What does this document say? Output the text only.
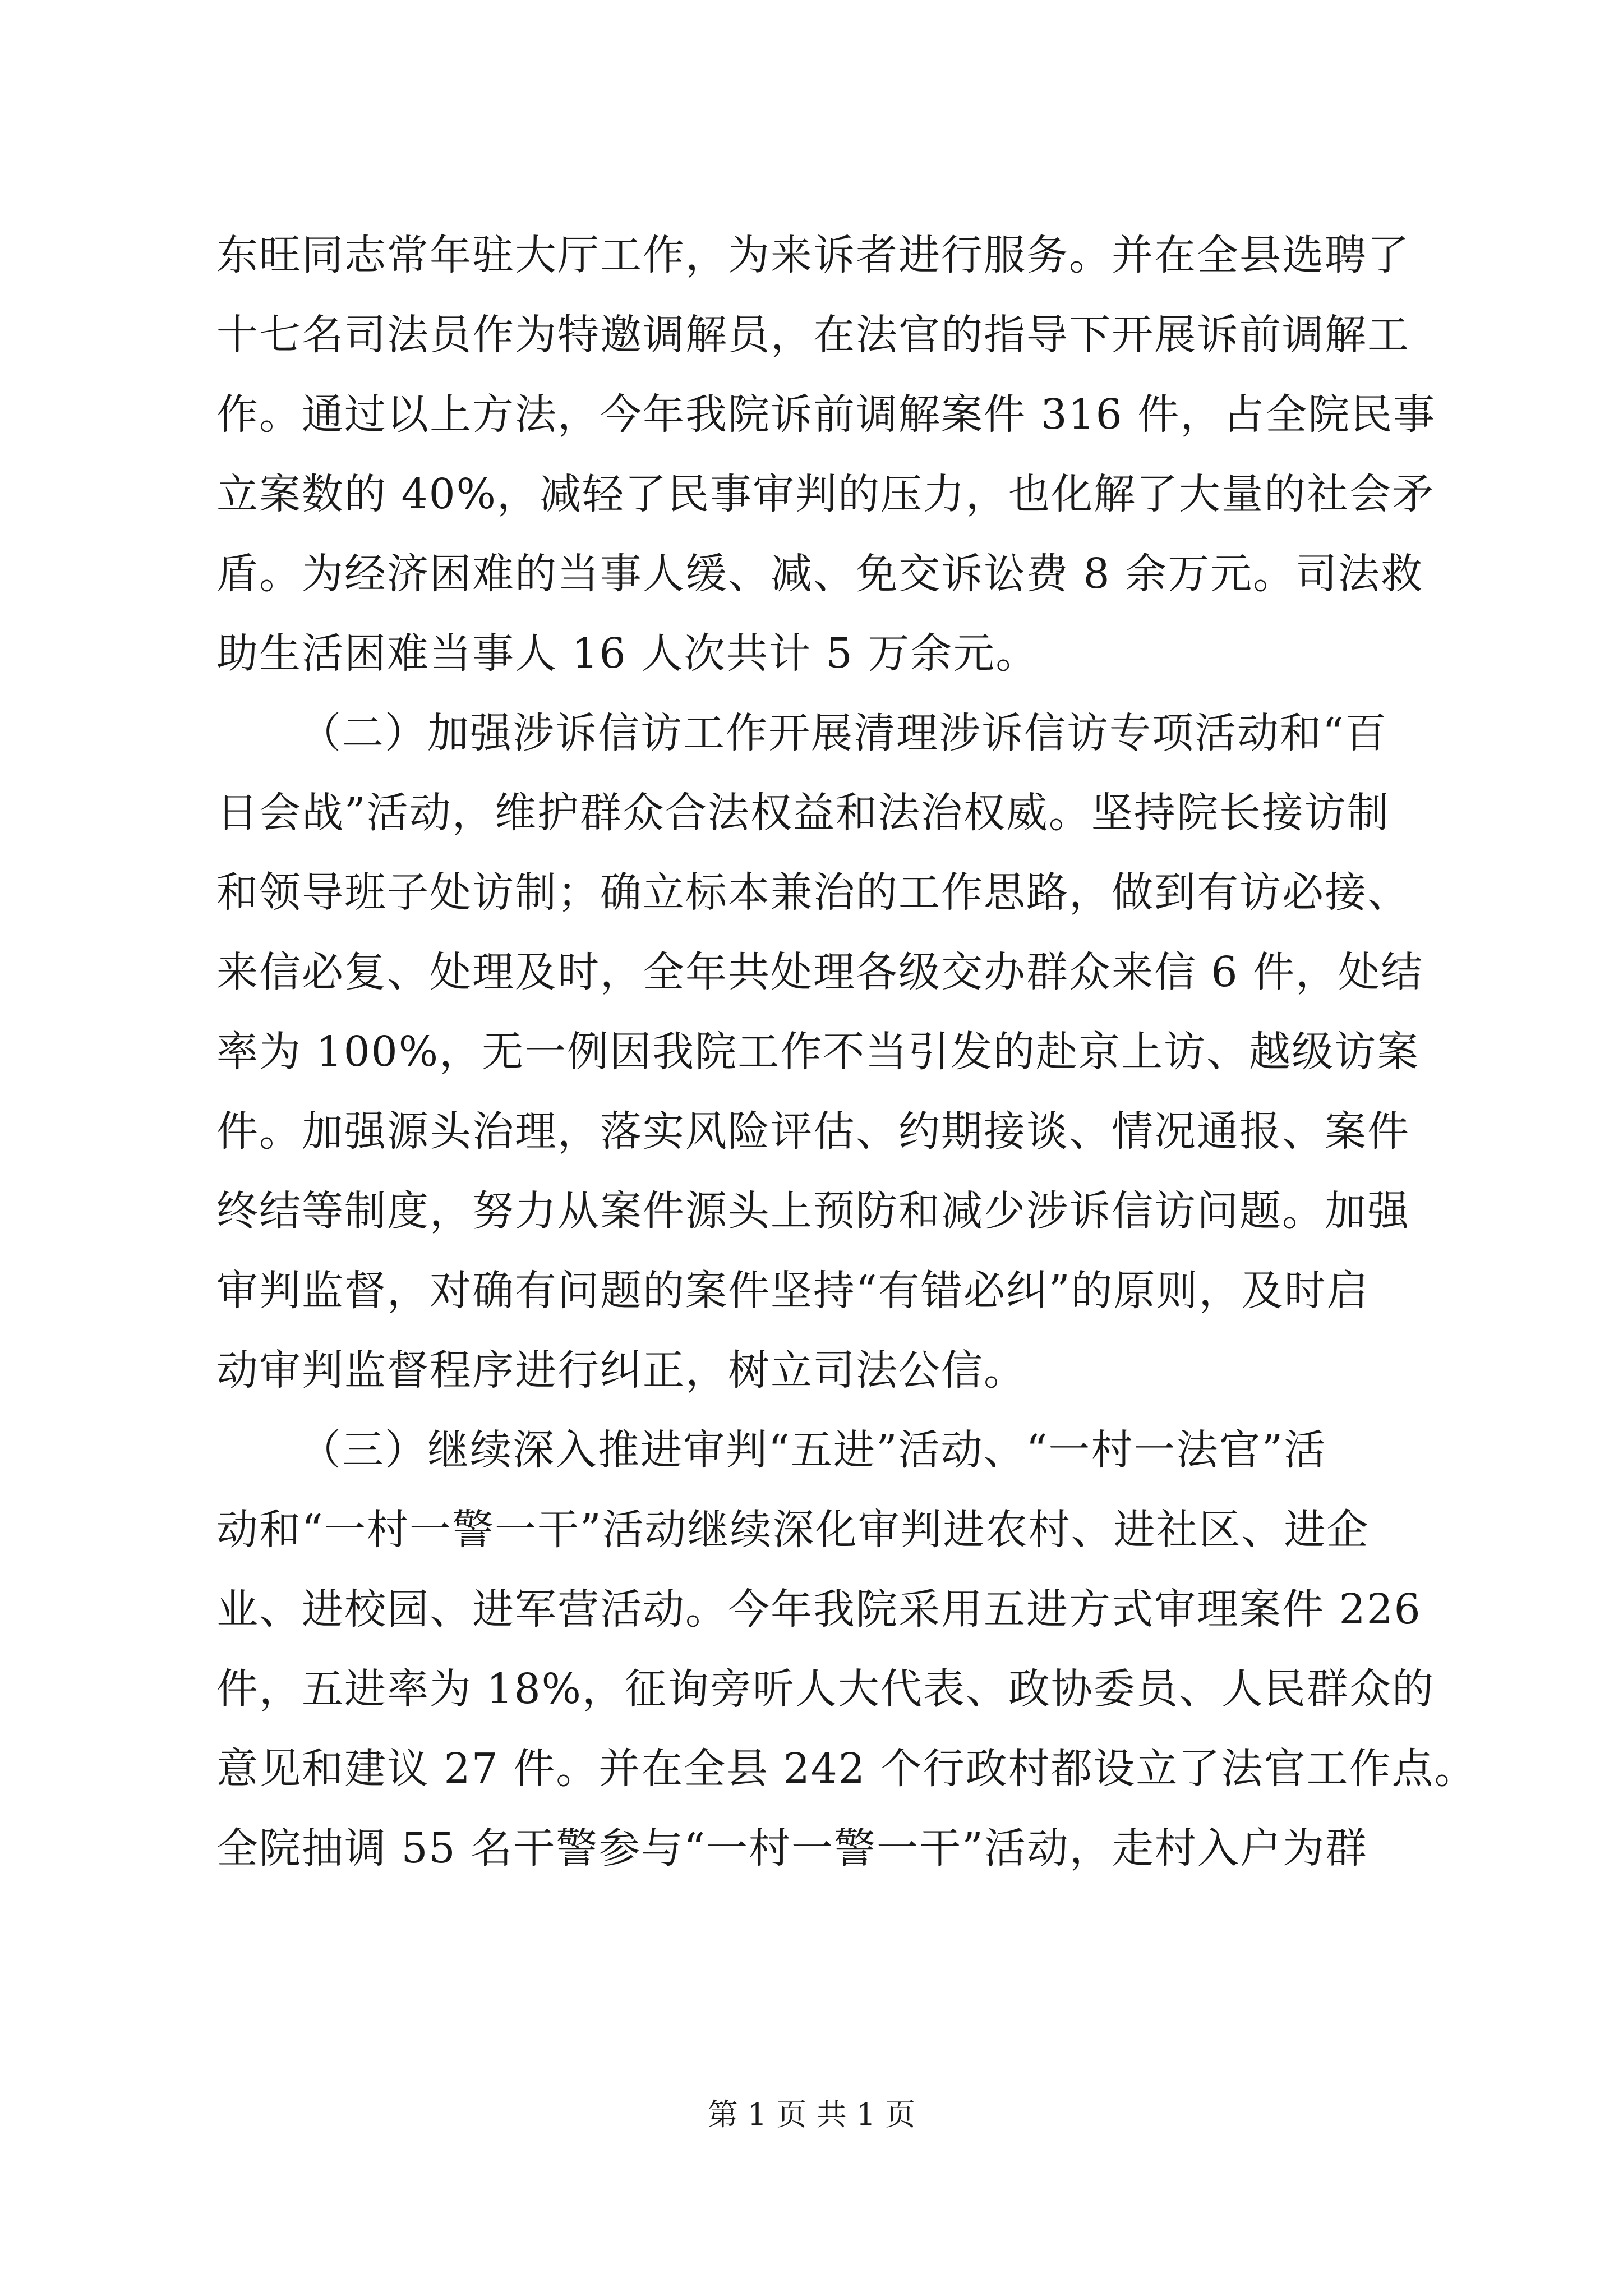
东旺同志常年驻大厅工作，为来诉者进行服务。并在全县选聘了
十七名司法员作为特邀调解员，在法官的指导下开展诉前调解工
作。通过以上方法，今年我院诉前调解案件 316 件，占全院民事
立案数的 40%，减轻了民事审判的压力，也化解了大量的社会矛
盾。为经济困难的当事人缓、减、免交诉讼费 8 余万元。司法救
助生活困难当事人 16 人次共计 5 万余元。
（二）加强涉诉信访工作开展清理涉诉信访专项活动和“百
日会战”活动，维护群众合法权益和法治权威。坚持院长接访制
和领导班子处访制；确立标本兼治的工作思路，做到有访必接、
来信必复、处理及时，全年共处理各级交办群众来信 6 件，处结
率为 100%，无一例因我院工作不当引发的赴京上访、越级访案
件。加强源头治理，落实风险评估、约期接谈、情况通报、案件
终结等制度，努力从案件源头上预防和减少涉诉信访问题。加强
审判监督，对确有问题的案件坚持“有错必纠”的原则，及时启
动审判监督程序进行纠正，树立司法公信。
（三）继续深入推进审判“五进”活动、“一村一法官”活
动和“一村一警一干”活动继续深化审判进农村、进社区、进企
业、进校园、进军营活动。今年我院采用五进方式审理案件 226
件，五进率为 18%，征询旁听人大代表、政协委员、人民群众的
意见和建议 27 件。并在全县 242 个行政村都设立了法官工作点。
全院抽调 55 名干警参与“一村一警一干”活动，走村入户为群
第 1 页 共 1 页
